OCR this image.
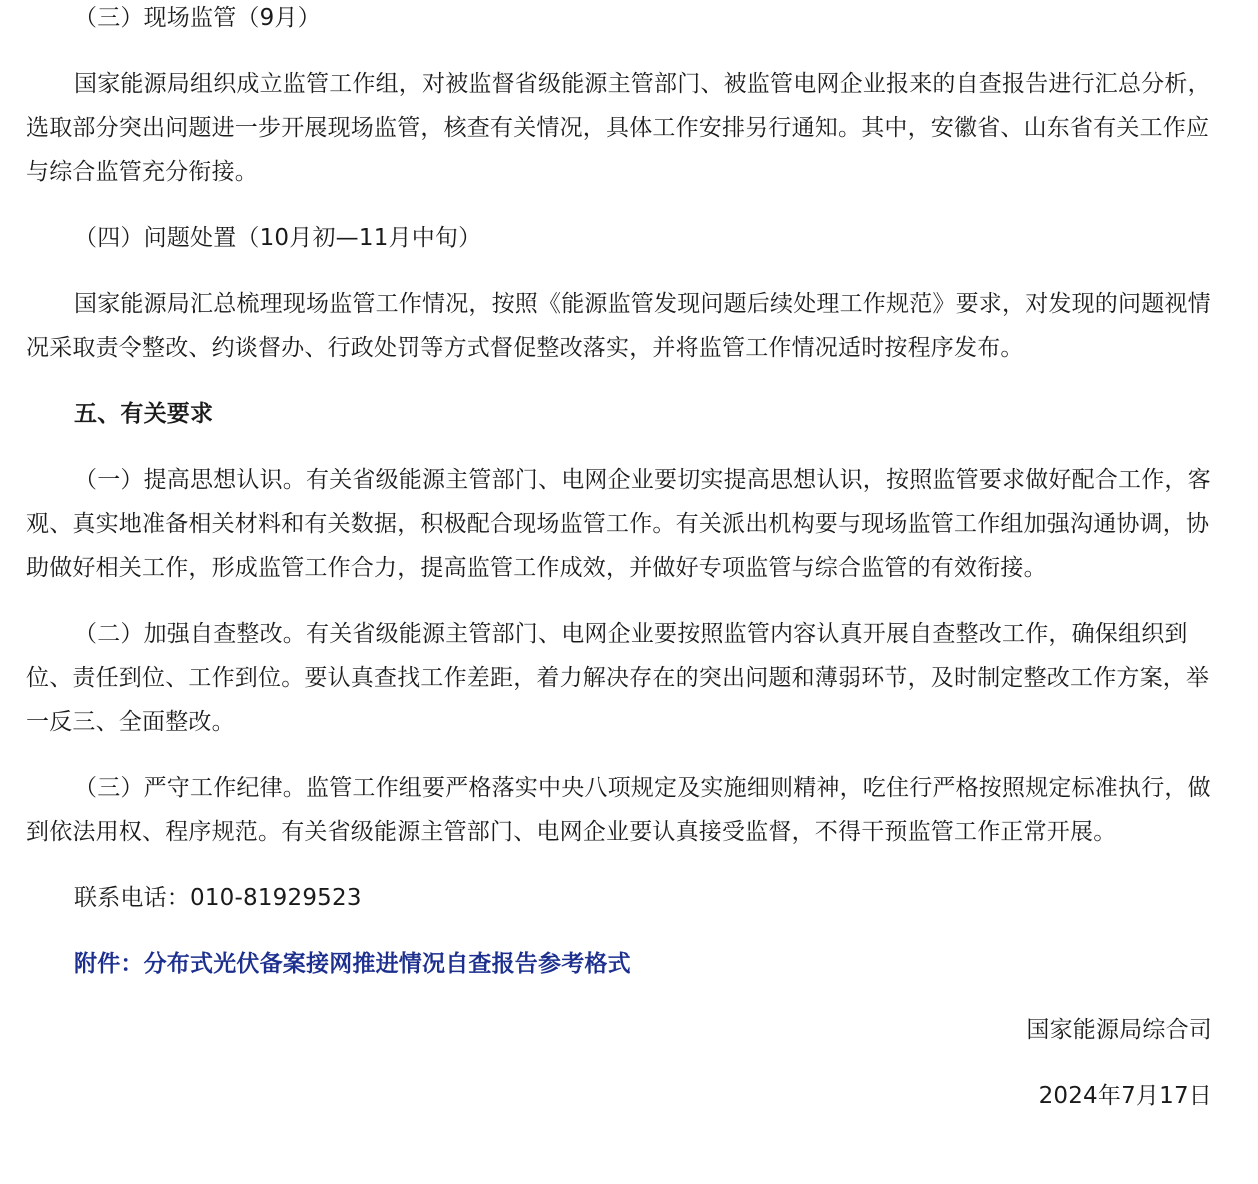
（三）现场监管（9月）

国家能源局组织成立监管工作组，对被监督省级能源主管部门、被监管电网企业报来的自查报告进行汇总分析，选取部分突出问题进一步开展现场监管，核查有关情况，具体工作安排另行通知。其中，安徽省、山东省有关工作应与综合监管充分衔接。

（四）问题处置（10月初—11月中旬）

国家能源局汇总梳理现场监管工作情况，按照《能源监管发现问题后续处理工作规范》要求，对发现的问题视情况采取责令整改、约谈督办、行政处罚等方式督促整改落实，并将监管工作情况适时按程序发布。

五、有关要求

（一）提高思想认识。有关省级能源主管部门、电网企业要切实提高思想认识，按照监管要求做好配合工作，客观、真实地准备相关材料和有关数据，积极配合现场监管工作。有关派出机构要与现场监管工作组加强沟通协调，协助做好相关工作，形成监管工作合力，提高监管工作成效，并做好专项监管与综合监管的有效衔接。

（二）加强自查整改。有关省级能源主管部门、电网企业要按照监管内容认真开展自查整改工作，确保组织到位、责任到位、工作到位。要认真查找工作差距，着力解决存在的突出问题和薄弱环节，及时制定整改工作方案，举一反三、全面整改。

（三）严守工作纪律。监管工作组要严格落实中央八项规定及实施细则精神，吃住行严格按照规定标准执行，做到依法用权、程序规范。有关省级能源主管部门、电网企业要认真接受监督，不得干预监管工作正常开展。

联系电话：010-81929523

附件：分布式光伏备案接网推进情况自查报告参考格式

国家能源局综合司

2024年7月17日
